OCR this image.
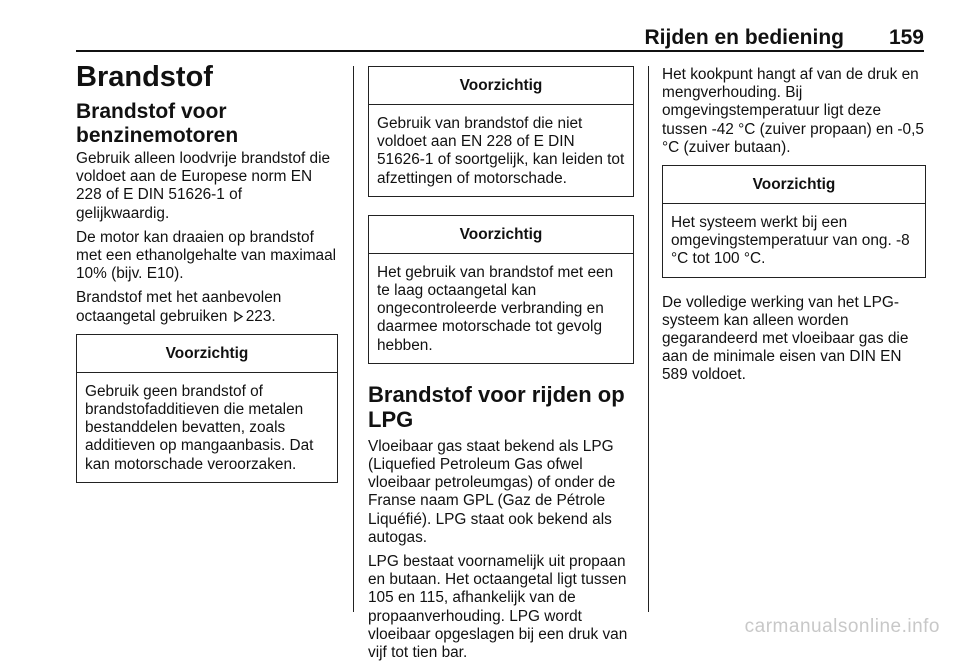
Rijden en bediening 159
Brandstof
Brandstof voor benzinemotoren

Gebruik alleen loodvrije brandstof die voldoet aan de Europese norm EN 228 of E DIN 51626-1 of gelijkwaardig.

De motor kan draaien op brandstof met een ethanolgehalte van maximaal 10% (bijv. E10).

Brandstof met het aanbevolen octaangetal gebruiken 223.

Voorzichtig
Gebruik geen brandstof of brandstofadditieven die metalen bestanddelen bevatten, zoals additieven op mangaanbasis. Dat kan motorschade veroorzaken.
Voorzichtig
Gebruik van brandstof die niet voldoet aan EN 228 of E DIN 51626-1 of soortgelijk, kan leiden tot afzettingen of motorschade.
Voorzichtig
Het gebruik van brandstof met een te laag octaangetal kan ongecontroleerde verbranding en daarmee motorschade tot gevolg hebben.
Brandstof voor rijden op LPG

Vloeibaar gas staat bekend als LPG (Liquefied Petroleum Gas ofwel vloeibaar petroleumgas) of onder de Franse naam GPL (Gaz de Pétrole Liquéfié). LPG staat ook bekend als autogas.

LPG bestaat voornamelijk uit propaan en butaan. Het octaangetal ligt tussen 105 en 115, afhankelijk van de propaanverhouding. LPG wordt vloeibaar opgeslagen bij een druk van vijf tot tien bar.

Het kookpunt hangt af van de druk en mengverhouding. Bij omgevingstemperatuur ligt deze tussen -42 °C (zuiver propaan) en -0,5 °C (zuiver butaan).

Voorzichtig
Het systeem werkt bij een omgevingstemperatuur van ong. -8 °C tot 100 °C.

De volledige werking van het LPG-systeem kan alleen worden gegarandeerd met vloeibaar gas die aan de minimale eisen van DIN EN 589 voldoet.

carmanualsonline.info
